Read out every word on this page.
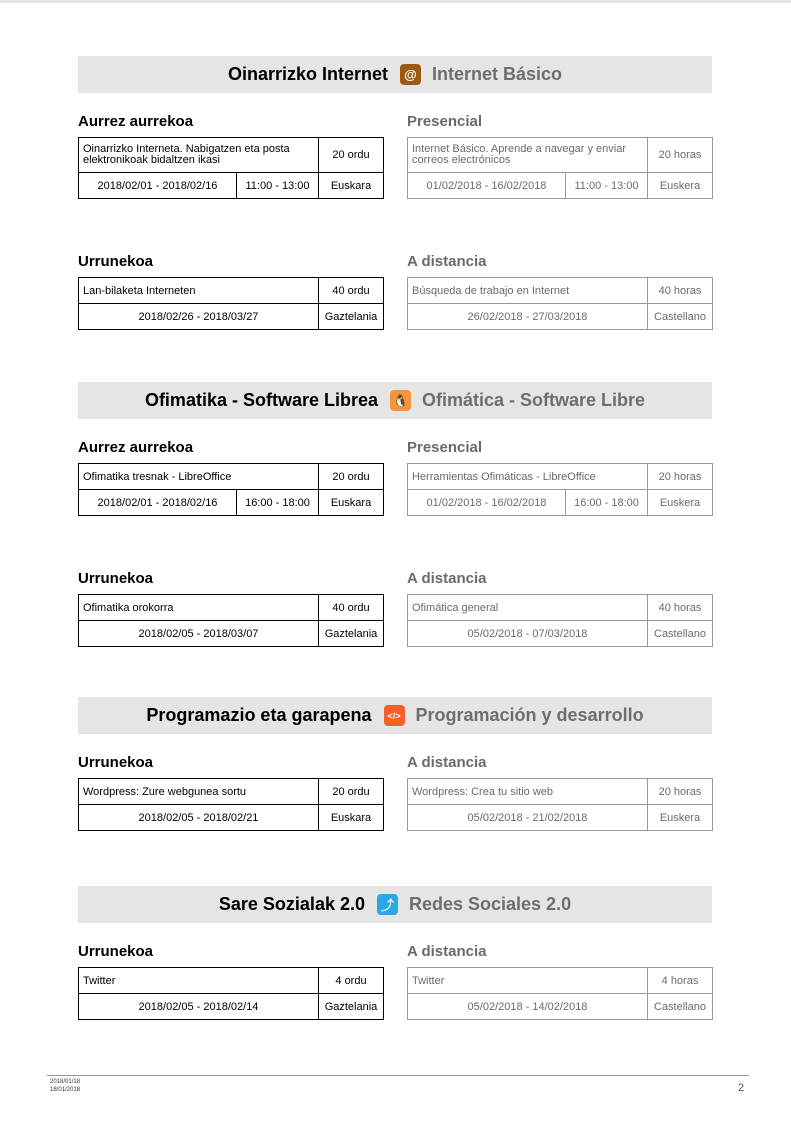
Oinarrizko Internet	@ Internet Básico
Aurrez aurrekoa
Oinarrizko Interneta. Nabigatzen eta posta elektronikoak bidaltzen ikasi		20 ordu
2018/02/01 - 2018/02/16	11:00 - 13:00	Euskara
Presencial
Internet Básico. Aprende a navegar y enviar correos electrónicos		20 horas
01/02/2018 - 16/02/2018	11:00 - 13:00	Euskera
Urrunekoa
Lan-bilaketa Interneten	40 ordu
2018/02/26 - 2018/03/27	Gaztelania
A distancia
Búsqueda de trabajo en Internet	40 horas
26/02/2018 - 27/03/2018	Castellano
Ofimatika - Software Librea 🐧 Ofimática - Software Libre
Aurrez aurrekoa
Ofimatika tresnak - LibreOffice		20 ordu
2018/02/01 - 2018/02/16	16:00 - 18:00	Euskara
Presencial
Herramientas Ofimáticas - LibreOffice		20 horas
01/02/2018 - 16/02/2018	16:00 - 18:00	Euskera
Urrunekoa
Ofimatika orokorra	40 ordu
2018/02/05 - 2018/03/07	Gaztelania
A distancia
Ofimática general	40 horas
05/02/2018 - 07/03/2018	Castellano
Programazio eta garapena	</> Programación y desarrollo
Urrunekoa
Wordpress: Zure webgunea sortu	20 ordu
2018/02/05 - 2018/02/21	Euskara
A distancia
Wordpress: Crea tu sitio web	20 horas
05/02/2018 - 21/02/2018	Euskera
Sare Sozialak 2.0	⤴ Redes Sociales 2.0
Urrunekoa
Twitter	4 ordu
2018/02/05 - 2018/02/14	Gaztelania
A distancia
Twitter	4 horas
05/02/2018 - 14/02/2018	Castellano
2018/01/18
18/01/2018	2
